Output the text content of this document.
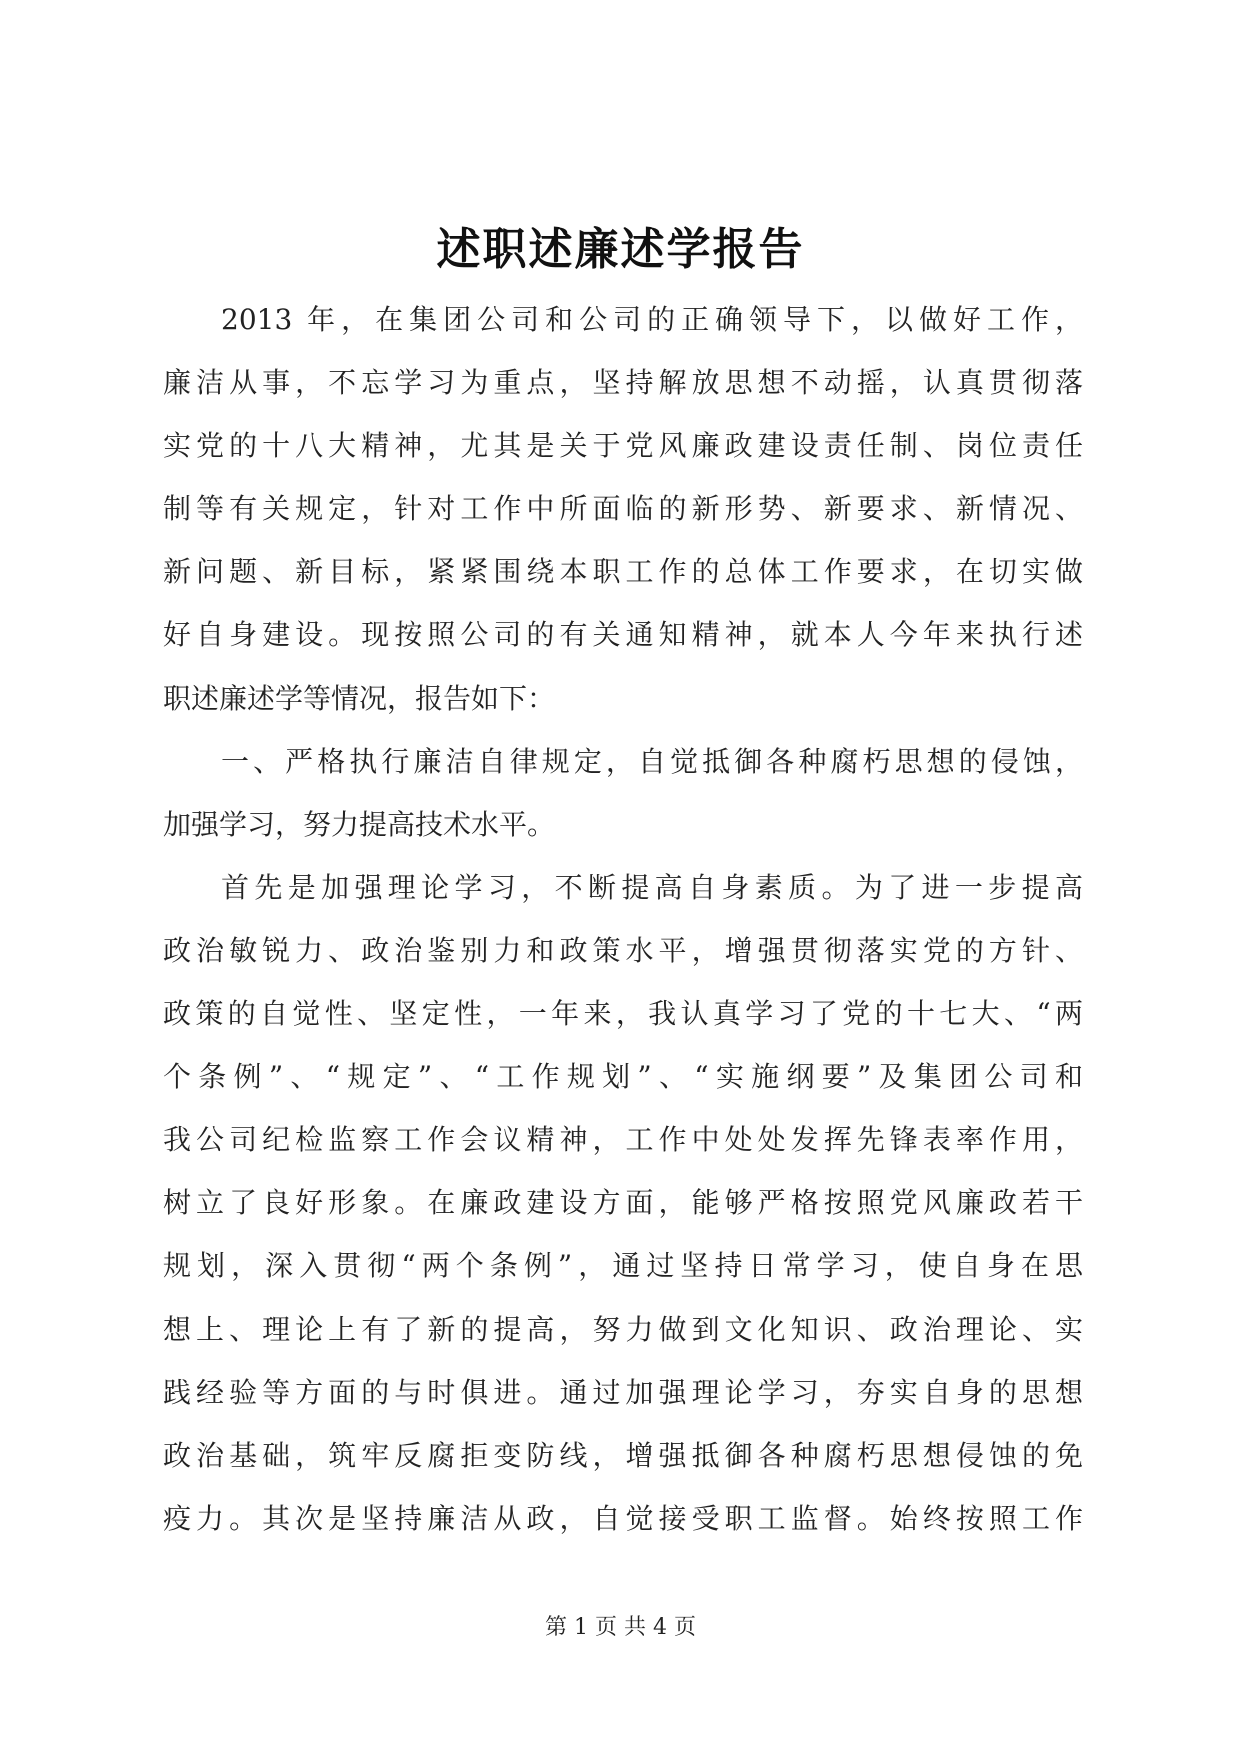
述职述廉述学报告
2013 年，在集团公司和公司的正确领导下，以做好工作，
廉洁从事，不忘学习为重点，坚持解放思想不动摇，认真贯彻落
实党的十八大精神，尤其是关于党风廉政建设责任制、岗位责任
制等有关规定，针对工作中所面临的新形势、新要求、新情况、
新问题、新目标，紧紧围绕本职工作的总体工作要求，在切实做
好自身建设。现按照公司的有关通知精神，就本人今年来执行述
职述廉述学等情况，报告如下：
一、严格执行廉洁自律规定，自觉抵御各种腐朽思想的侵蚀，
加强学习，努力提高技术水平。
首先是加强理论学习，不断提高自身素质。为了进一步提高
政治敏锐力、政治鉴别力和政策水平，增强贯彻落实党的方针、
政策的自觉性、坚定性，一年来，我认真学习了党的十七大、“两
个条例”、“规定”、“工作规划”、“实施纲要”及集团公司和
我公司纪检监察工作会议精神，工作中处处发挥先锋表率作用，
树立了良好形象。在廉政建设方面，能够严格按照党风廉政若干
规划，深入贯彻“两个条例”，通过坚持日常学习，使自身在思
想上、理论上有了新的提高，努力做到文化知识、政治理论、实
践经验等方面的与时俱进。通过加强理论学习，夯实自身的思想
政治基础，筑牢反腐拒变防线，增强抵御各种腐朽思想侵蚀的免
疫力。其次是坚持廉洁从政，自觉接受职工监督。始终按照工作
第 1 页 共 4 页
